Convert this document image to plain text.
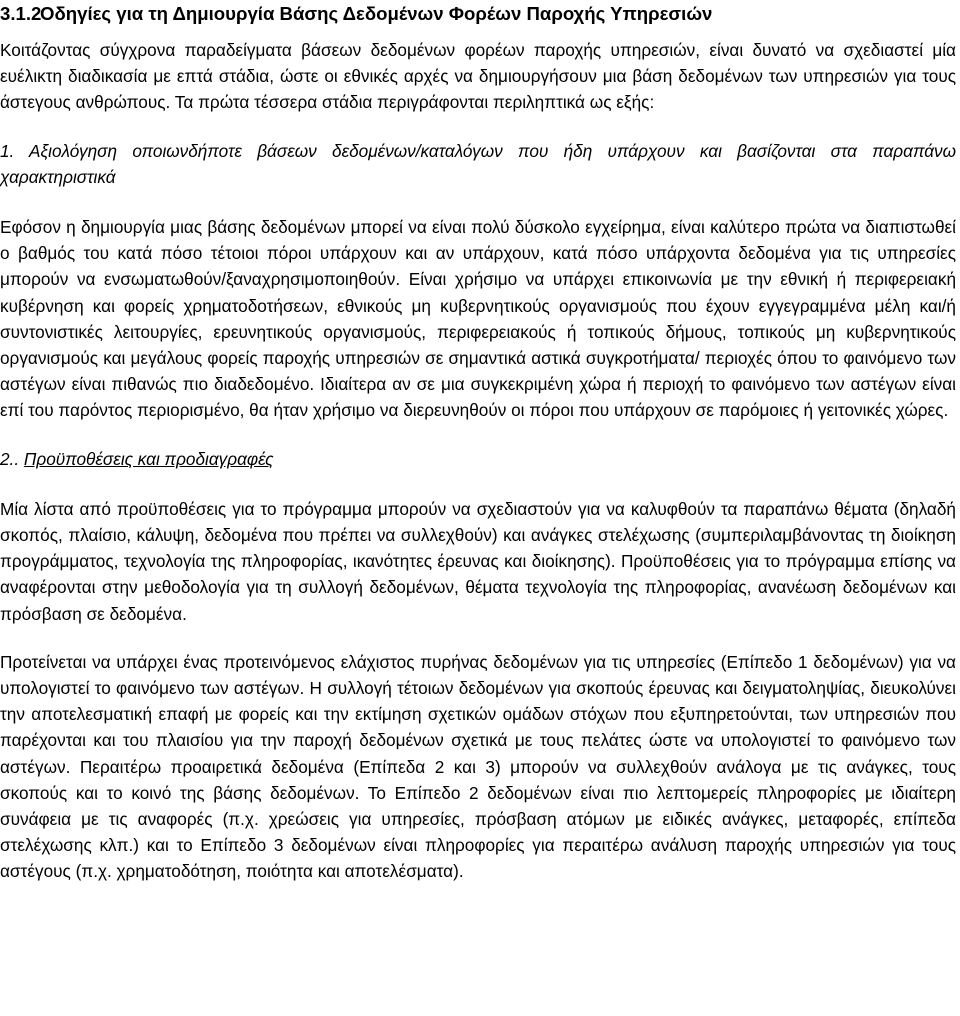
3.1.2Οδηγίες για τη Δημιουργία Βάσης Δεδομένων Φορέων Παροχής Υπηρεσιών

Κοιτάζοντας σύγχρονα παραδείγματα βάσεων δεδομένων φορέων παροχής υπηρεσιών, είναι δυνατό να σχεδιαστεί μία ευέλικτη διαδικασία με επτά στάδια, ώστε οι εθνικές αρχές να δημιουργήσουν μια βάση δεδομένων των υπηρεσιών για τους άστεγους ανθρώπους. Τα πρώτα τέσσερα στάδια περιγράφονται περιληπτικά ως εξής:

1. Αξιολόγηση οποιωνδήποτε βάσεων δεδομένων/καταλόγων που ήδη υπάρχουν και βασίζονται στα παραπάνω χαρακτηριστικά

Εφόσον η δημιουργία μιας βάσης δεδομένων μπορεί να είναι πολύ δύσκολο εγχείρημα, είναι καλύτερο πρώτα να διαπιστωθεί ο βαθμός του κατά πόσο τέτοιοι πόροι υπάρχουν και αν υπάρχουν, κατά πόσο υπάρχοντα δεδομένα για τις υπηρεσίες μπορούν να ενσωματωθούν/ξαναχρησιμοποιηθούν. Είναι χρήσιμο να υπάρχει επικοινωνία με την εθνική ή περιφερειακή κυβέρνηση και φορείς χρηματοδοτήσεων, εθνικούς μη κυβερνητικούς οργανισμούς που έχουν εγγεγραμμένα μέλη και/ή συντονιστικές λειτουργίες, ερευνητικούς οργανισμούς, περιφερειακούς ή τοπικούς δήμους, τοπικούς μη κυβερνητικούς οργανισμούς και μεγάλους φορείς παροχής υπηρεσιών σε σημαντικά αστικά συγκροτήματα/ περιοχές όπου το φαινόμενο των αστέγων είναι πιθανώς πιο διαδεδομένο. Ιδιαίτερα αν σε μια συγκεκριμένη χώρα ή περιοχή το φαινόμενο των αστέγων είναι επί του παρόντος περιορισμένο, θα ήταν χρήσιμο να διερευνηθούν οι πόροι που υπάρχουν σε παρόμοιες ή γειτονικές χώρες.

2.. Προϋποθέσεις και προδιαγραφές

Μία λίστα από προϋποθέσεις για το πρόγραμμα μπορούν να σχεδιαστούν για να καλυφθούν τα παραπάνω θέματα (δηλαδή σκοπός, πλαίσιο, κάλυψη, δεδομένα που πρέπει να συλλεχθούν) και ανάγκες στελέχωσης (συμπεριλαμβάνοντας τη διοίκηση προγράμματος, τεχνολογία της πληροφορίας, ικανότητες έρευνας και διοίκησης). Προϋποθέσεις για το πρόγραμμα επίσης να αναφέρονται στην μεθοδολογία για τη συλλογή δεδομένων, θέματα τεχνολογία της πληροφορίας, ανανέωση δεδομένων και πρόσβαση σε δεδομένα.

Προτείνεται να υπάρχει ένας προτεινόμενος ελάχιστος πυρήνας δεδομένων για τις υπηρεσίες (Επίπεδο 1 δεδομένων) για να υπολογιστεί το φαινόμενο των αστέγων. Η συλλογή τέτοιων δεδομένων για σκοπούς έρευνας και δειγματοληψίας, διευκολύνει την αποτελεσματική επαφή με φορείς και την εκτίμηση σχετικών ομάδων στόχων που εξυπηρετούνται, των υπηρεσιών που παρέχονται και του πλαισίου για την παροχή δεδομένων σχετικά με τους πελάτες ώστε να υπολογιστεί το φαινόμενο των αστέγων. Περαιτέρω προαιρετικά δεδομένα (Επίπεδα 2 και 3) μπορούν να συλλεχθούν ανάλογα με τις ανάγκες, τους σκοπούς και το κοινό της βάσης δεδομένων. Το Επίπεδο 2 δεδομένων είναι πιο λεπτομερείς πληροφορίες με ιδιαίτερη συνάφεια με τις αναφορές (π.χ. χρεώσεις για υπηρεσίες, πρόσβαση ατόμων με ειδικές ανάγκες, μεταφορές, επίπεδα στελέχωσης κλπ.) και το Επίπεδο 3 δεδομένων είναι πληροφορίες για περαιτέρω ανάλυση παροχής υπηρεσιών για τους αστέγους (π.χ. χρηματοδότηση, ποιότητα και αποτελέσματα).
